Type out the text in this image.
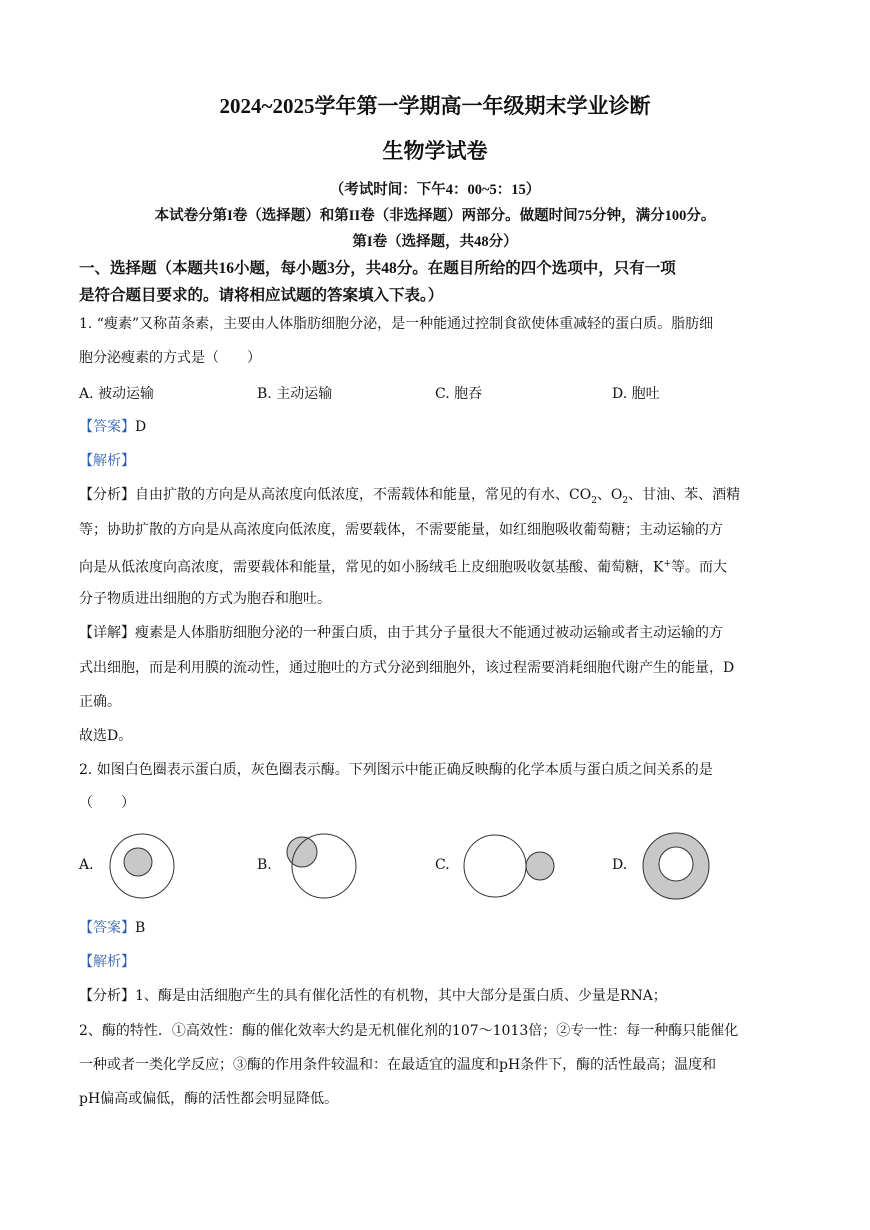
2024~2025学年第一学期高一年级期末学业诊断
生物学试卷
（考试时间：下午4：00~5：15）
本试卷分第I卷（选择题）和第II卷（非选择题）两部分。做题时间75分钟，满分100分。
第I卷（选择题，共48分）
一、选择题（本题共16小题，每小题3分，共48分。在题目所给的四个选项中，只有一项
是符合题目要求的。请将相应试题的答案填入下表。）
1. “瘦素”又称苗条素，主要由人体脂肪细胞分泌，是一种能通过控制食欲使体重减轻的蛋白质。脂肪细
胞分泌瘦素的方式是（　　）
A. 被动运输	B. 主动运输	C. 胞吞	D. 胞吐
【答案】D
【解析】
【分析】自由扩散的方向是从高浓度向低浓度，不需载体和能量，常见的有水、$CO_2$、$O_2$、甘油、苯、酒精
等；协助扩散的方向是从高浓度向低浓度，需要载体，不需要能量，如红细胞吸收葡萄糖；主动运输的方
向是从低浓度向高浓度，需要载体和能量，常见的如小肠绒毛上皮细胞吸收氨基酸、葡萄糖，K+等。而大
分子物质进出细胞的方式为胞吞和胞吐。
【详解】瘦素是人体脂肪细胞分泌的一种蛋白质，由于其分子量很大不能通过被动运输或者主动运输的方
式出细胞，而是利用膜的流动性，通过胞吐的方式分泌到细胞外，该过程需要消耗细胞代谢产生的能量，D
正确。
故选D。
2. 如图白色圈表示蛋白质，灰色圈表示酶。下列图示中能正确反映酶的化学本质与蛋白质之间关系的是
（　　）
A.	B.	C.	D.
【答案】B
【解析】
【分析】1、酶是由活细胞产生的具有催化活性的有机物，其中大部分是蛋白质、少量是RNA；
2、酶的特性．①高效性：酶的催化效率大约是无机催化剂的107～1013倍；②专一性：每一种酶只能催化
一种或者一类化学反应；③酶的作用条件较温和：在最适宜的温度和pH条件下，酶的活性最高；温度和
pH偏高或偏低，酶的活性都会明显降低。
